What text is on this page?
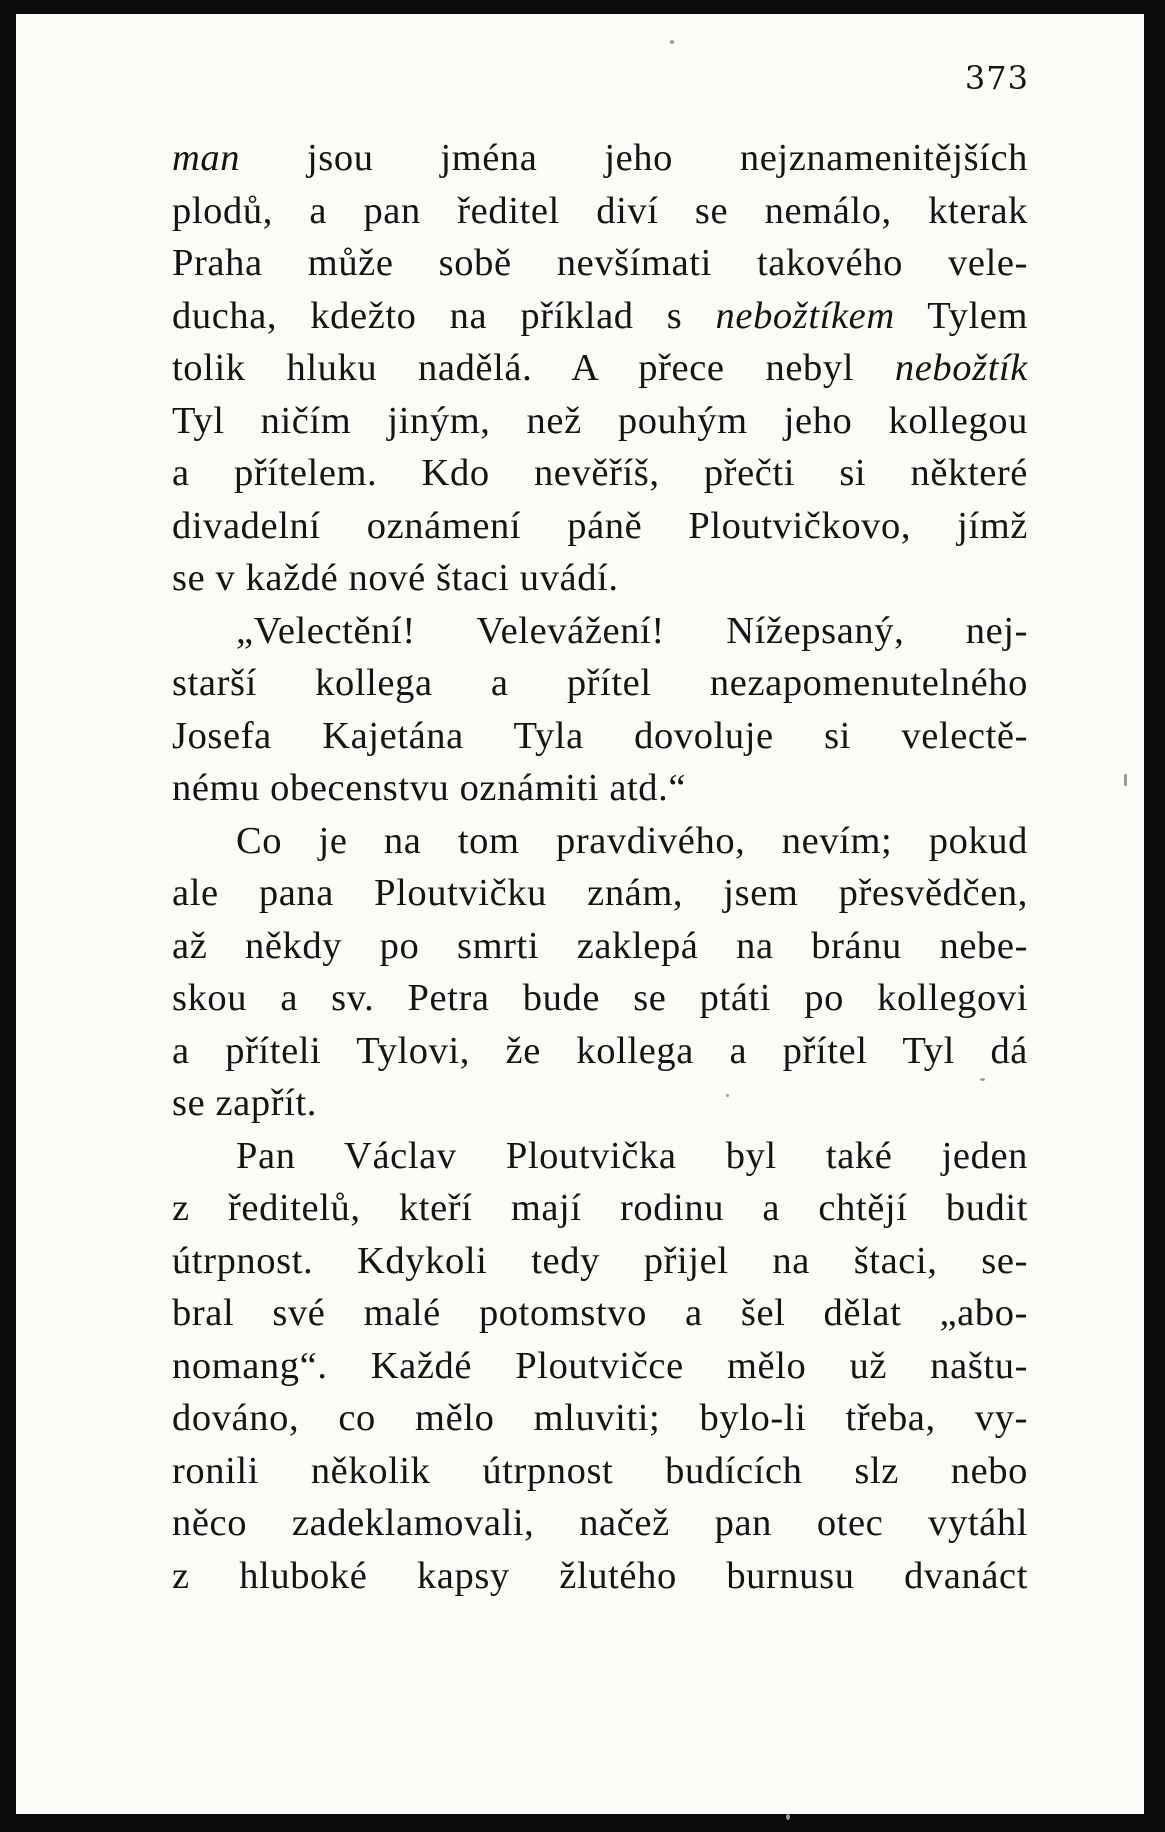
373
man jsou jména jeho nejznamenitějších
plodů, a pan ředitel diví se nemálo, kterak
Praha může sobě nevšímati takového vele-
ducha, kdežto na příklad s nebožtíkem Tylem
tolik hluku nadělá. A přece nebyl nebožtík
Tyl ničím jiným, než pouhým jeho kollegou
a přítelem. Kdo nevěříš, přečti si některé
divadelní oznámení páně Ploutvičkovo, jímž
se v každé nové štaci uvádí.
„Velectění! Velevážení! Nížepsaný, nej-
starší kollega a přítel nezapomenutelného
Josefa Kajetána Tyla dovoluje si velectě-
nému obecenstvu oznámiti atd.“
Co je na tom pravdivého, nevím; pokud
ale pana Ploutvičku znám, jsem přesvědčen,
až někdy po smrti zaklepá na bránu nebe-
skou a sv. Petra bude se ptáti po kollegovi
a příteli Tylovi, že kollega a přítel Tyl dá
se zapřít.
Pan Václav Ploutvička byl také jeden
z ředitelů, kteří mají rodinu a chtějí budit
útrpnost. Kdykoli tedy přijel na štaci, se-
bral své malé potomstvo a šel dělat „abo-
nomang“. Každé Ploutvičce mělo už naštu-
dováno, co mělo mluviti; bylo-li třeba, vy-
ronili několik útrpnost budících slz nebo
něco zadeklamovali, načež pan otec vytáhl
z hluboké kapsy žlutého burnusu dvanáct
